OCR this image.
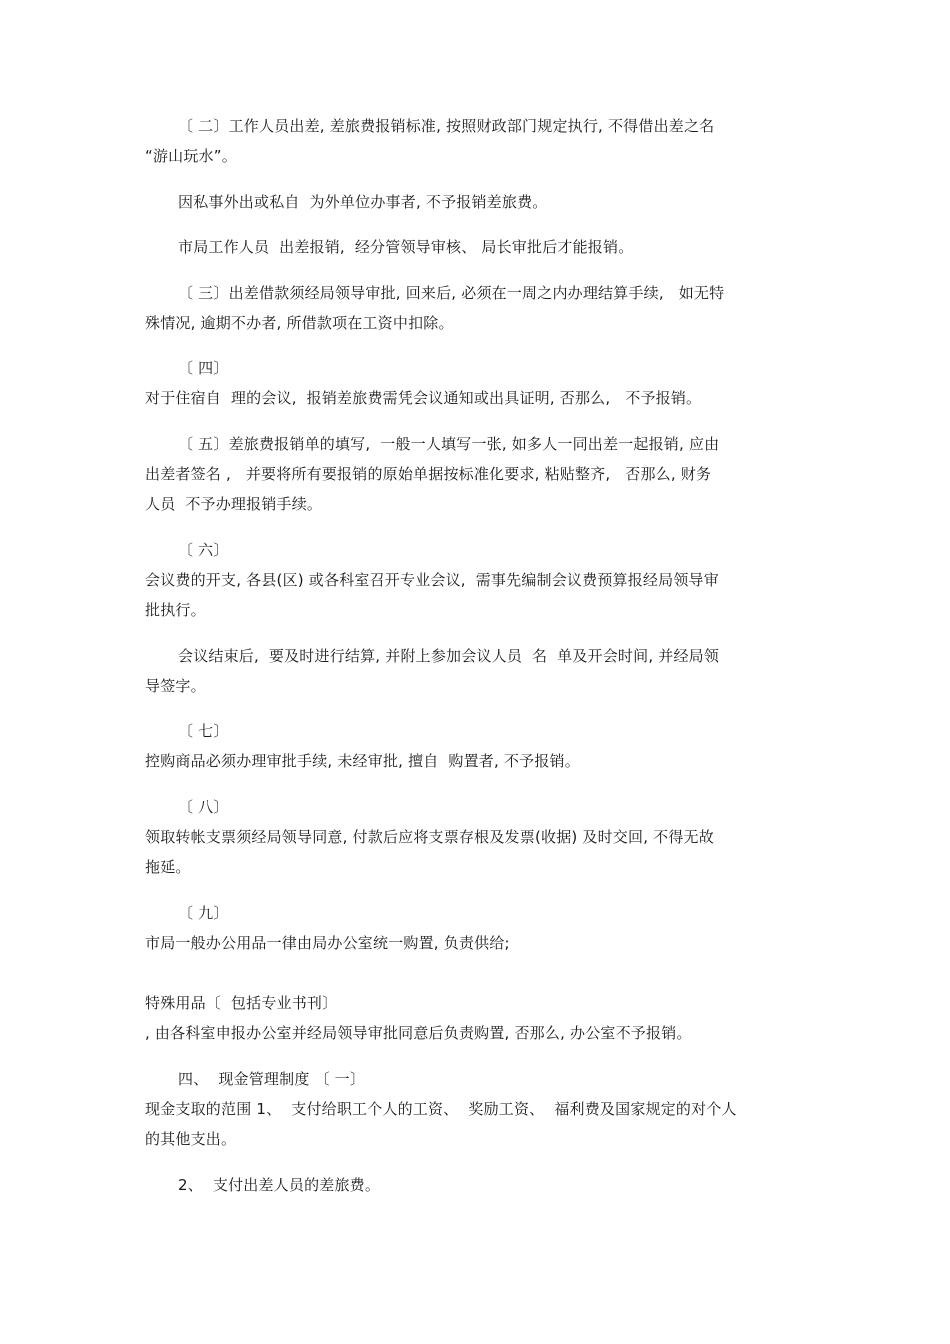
〔 二〕工作人员出差, 差旅费报销标准, 按照财政部门规定执行, 不得借出差之名
“游山玩水”。
因私事外出或私自  为外单位办事者, 不予报销差旅费。
市局工作人员  出差报销,  经分管领导审核、 局长审批后才能报销。
〔 三〕出差借款须经局领导审批, 回来后, 必须在一周之内办理结算手续,   如无特
殊情况, 逾期不办者, 所借款项在工资中扣除。
〔 四〕
对于住宿自  理的会议,  报销差旅费需凭会议通知或出具证明, 否那么,   不予报销。
〔 五〕差旅费报销单的填写,  一般一人填写一张, 如多人一同出差一起报销, 应由
出差者签名 ,   并要将所有要报销的原始单据按标准化要求, 粘贴整齐,   否那么, 财务
人员  不予办理报销手续。
〔 六〕
会议费的开支, 各县(区) 或各科室召开专业会议,  需事先编制会议费预算报经局领导审
批执行。
会议结束后,  要及时进行结算, 并附上参加会议人员  名  单及开会时间, 并经局领
导签字。
〔 七〕
控购商品必须办理审批手续, 未经审批, 擅自  购置者, 不予报销。
〔 八〕
领取转帐支票须经局领导同意, 付款后应将支票存根及发票(收据) 及时交回, 不得无故
拖延。
〔 九〕
市局一般办公用品一律由局办公室统一购置, 负责供给;
特殊用品〔  包括专业书刊〕
, 由各科室申报办公室并经局领导审批同意后负责购置, 否那么, 办公室不予报销。
四、  现金管理制度 〔 一〕
现金支取的范围 1、  支付给职工个人的工资、  奖励工资、  福利费及国家规定的对个人
的其他支出。
2、  支付出差人员的差旅费。
